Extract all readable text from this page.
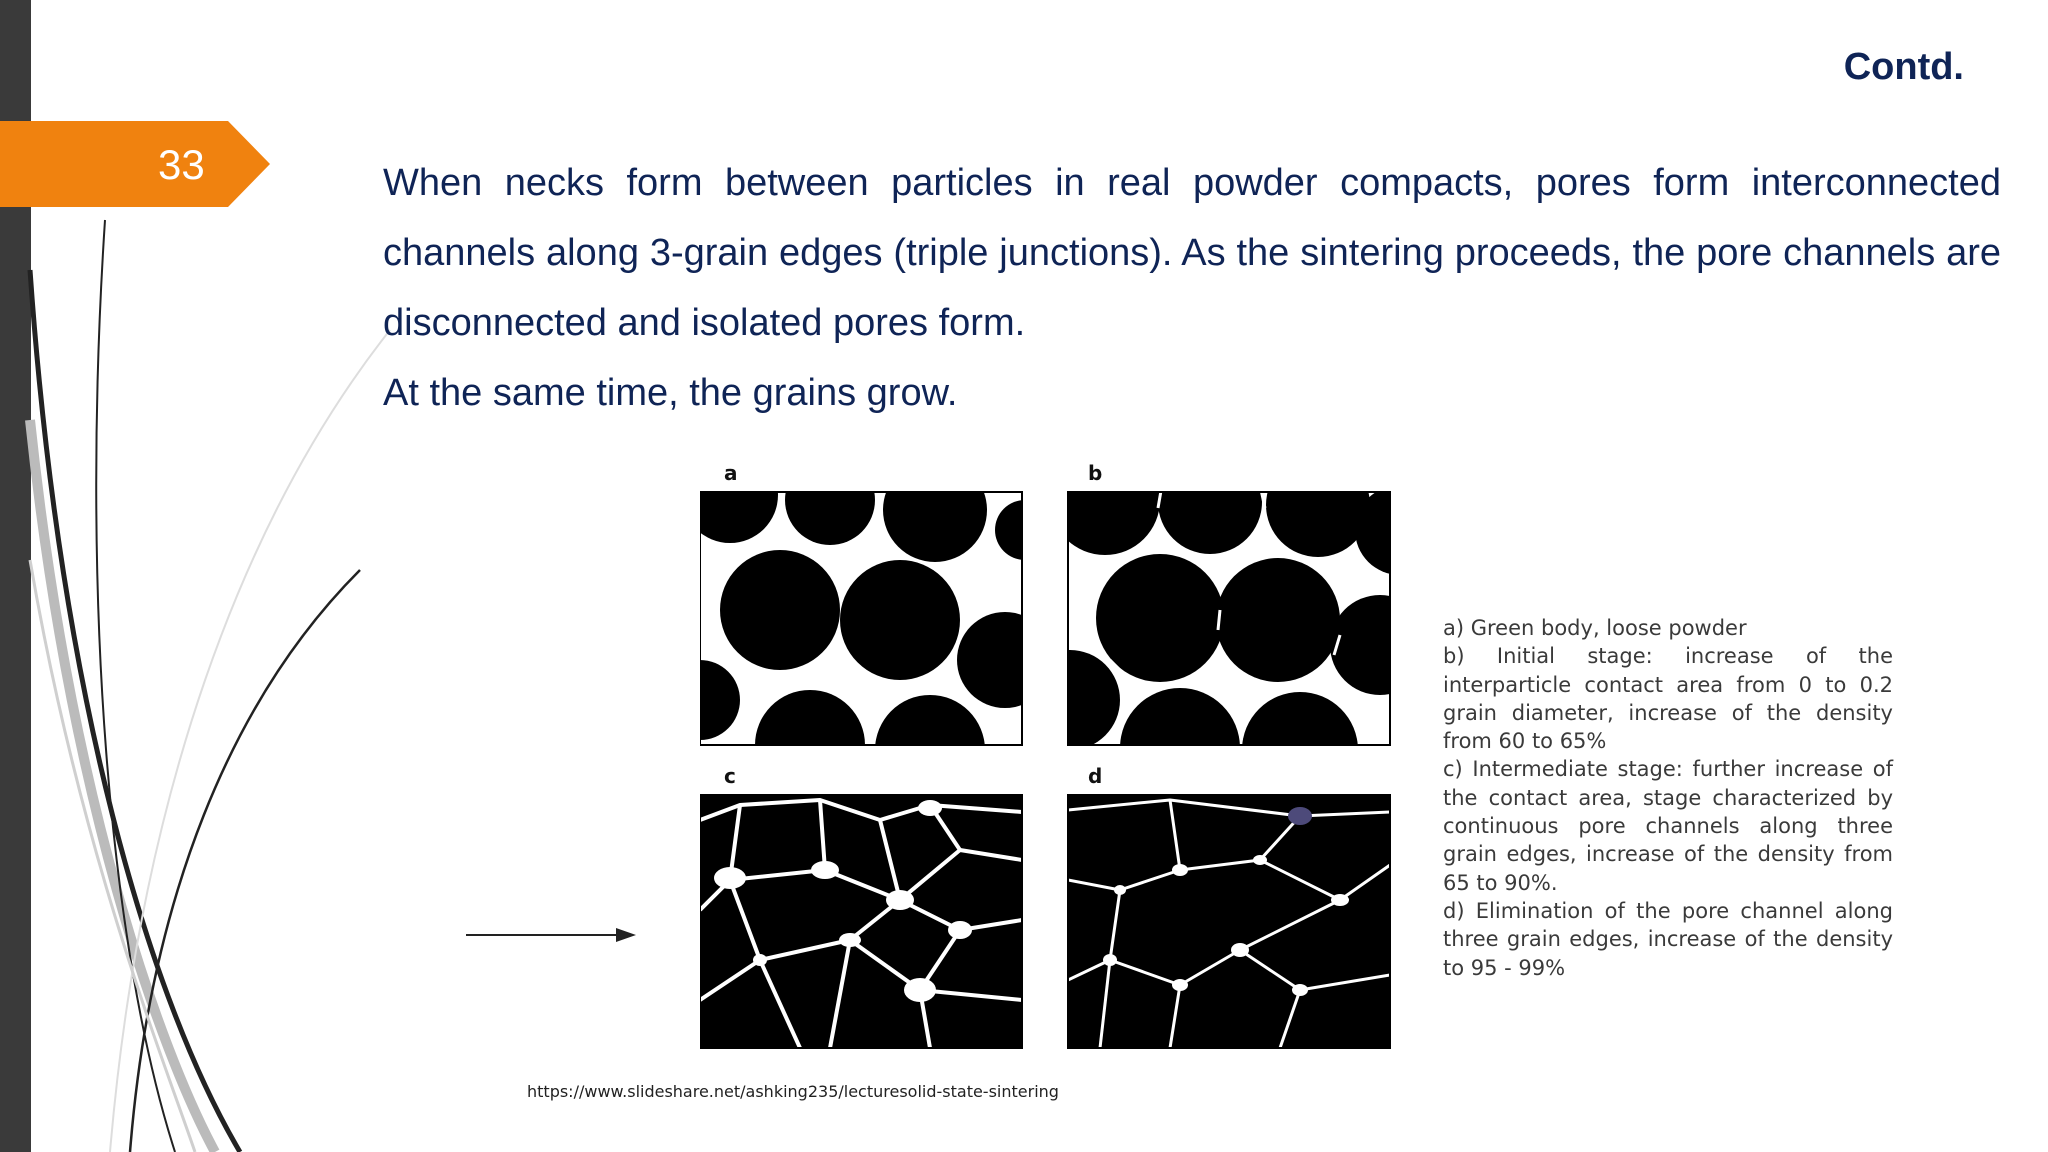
33
Contd.

When necks form between particles in real powder compacts, pores form interconnected channels along 3-grain edges (triple junctions). As the sintering proceeds, the pore channels are disconnected and isolated pores form.

At the same time, the grains grow.

a	b
c	d
a) Green body, loose powder
b) Initial stage: increase of the
interparticle contact area from 0 to 0.2
grain diameter, increase of the density
from 60 to 65%
c) Intermediate stage: further increase of
the contact area, stage characterized by
continuous pore channels along three
grain edges, increase of the density from
65 to 90%.
d) Elimination of the pore channel along
three grain edges, increase of the density
to 95 - 99%
https://www.slideshare.net/ashking235/lecturesolid-state-sintering
